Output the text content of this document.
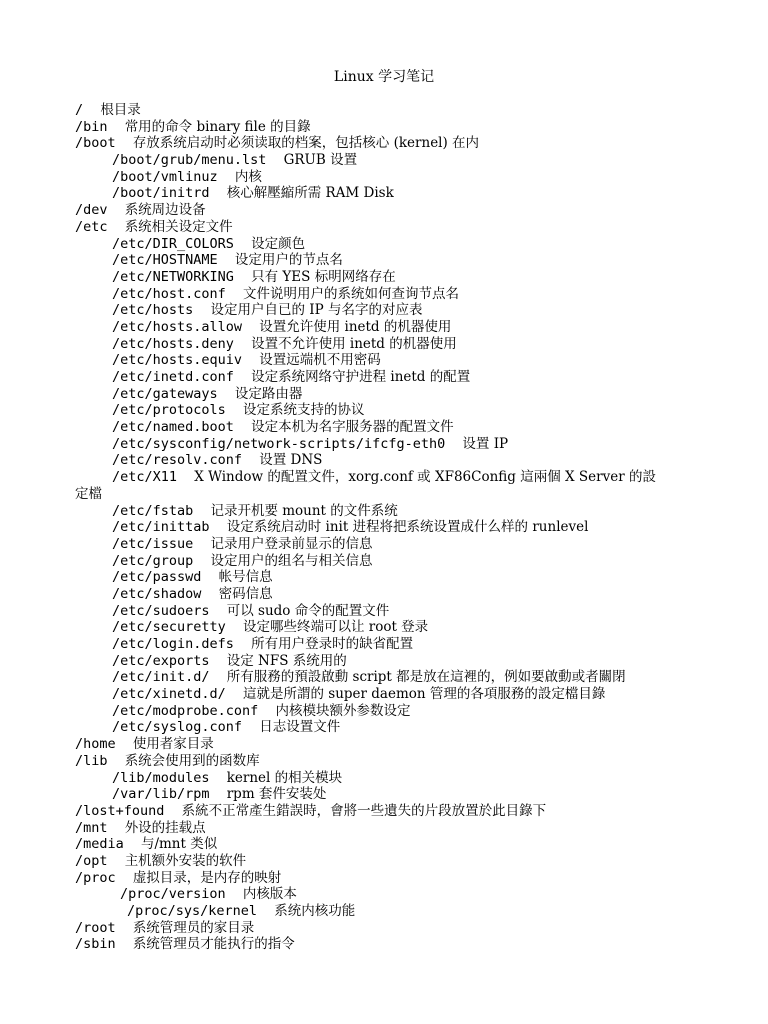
Linux 学习笔记
/ 根目录
/bin 常用的命令 binary file 的目錄
/boot 存放系统启动时必须读取的档案，包括核心 (kernel) 在内
/boot/grub/menu.lst GRUB 设置
/boot/vmlinuz 内核
/boot/initrd 核心解壓縮所需 RAM Disk
/dev 系统周边设备
/etc 系统相关设定文件
/etc/DIR_COLORS 设定颜色
/etc/HOSTNAME 设定用户的节点名
/etc/NETWORKING 只有 YES 标明网络存在
/etc/host.conf 文件说明用户的系统如何查询节点名
/etc/hosts 设定用户自已的 IP 与名字的对应表
/etc/hosts.allow 设置允许使用 inetd 的机器使用
/etc/hosts.deny 设置不允许使用 inetd 的机器使用
/etc/hosts.equiv 设置远端机不用密码
/etc/inetd.conf 设定系统网络守护进程 inetd 的配置
/etc/gateways 设定路由器
/etc/protocols 设定系统支持的协议
/etc/named.boot 设定本机为名字服务器的配置文件
/etc/sysconfig/network-scripts/ifcfg-eth0 设置 IP
/etc/resolv.conf 设置 DNS
/etc/X11 X Window 的配置文件，xorg.conf 或 XF86Config 這兩個 X Server 的設
定檔
/etc/fstab 记录开机要 mount 的文件系统
/etc/inittab 设定系统启动时 init 进程将把系统设置成什么样的 runlevel
/etc/issue 记录用户登录前显示的信息
/etc/group 设定用户的组名与相关信息
/etc/passwd 帐号信息
/etc/shadow 密码信息
/etc/sudoers 可以 sudo 命令的配置文件
/etc/securetty 设定哪些终端可以让 root 登录
/etc/login.defs 所有用户登录时的缺省配置
/etc/exports 设定 NFS 系统用的
/etc/init.d/ 所有服務的預設啟動 script 都是放在這裡的，例如要啟動或者關閉
/etc/xinetd.d/ 這就是所謂的 super daemon 管理的各項服務的設定檔目錄
/etc/modprobe.conf 内核模块额外参数设定
/etc/syslog.conf 日志设置文件
/home 使用者家目录
/lib 系统会使用到的函数库
/lib/modules kernel 的相关模块
/var/lib/rpm rpm 套件安装处
/lost+found 系統不正常產生錯誤時，會將一些遺失的片段放置於此目錄下
/mnt 外设的挂载点
/media 与/mnt 类似
/opt 主机额外安装的软件
/proc 虚拟目录，是内存的映射
/proc/version 内核版本
/proc/sys/kernel 系统内核功能
/root 系统管理员的家目录
/sbin 系统管理员才能执行的指令
